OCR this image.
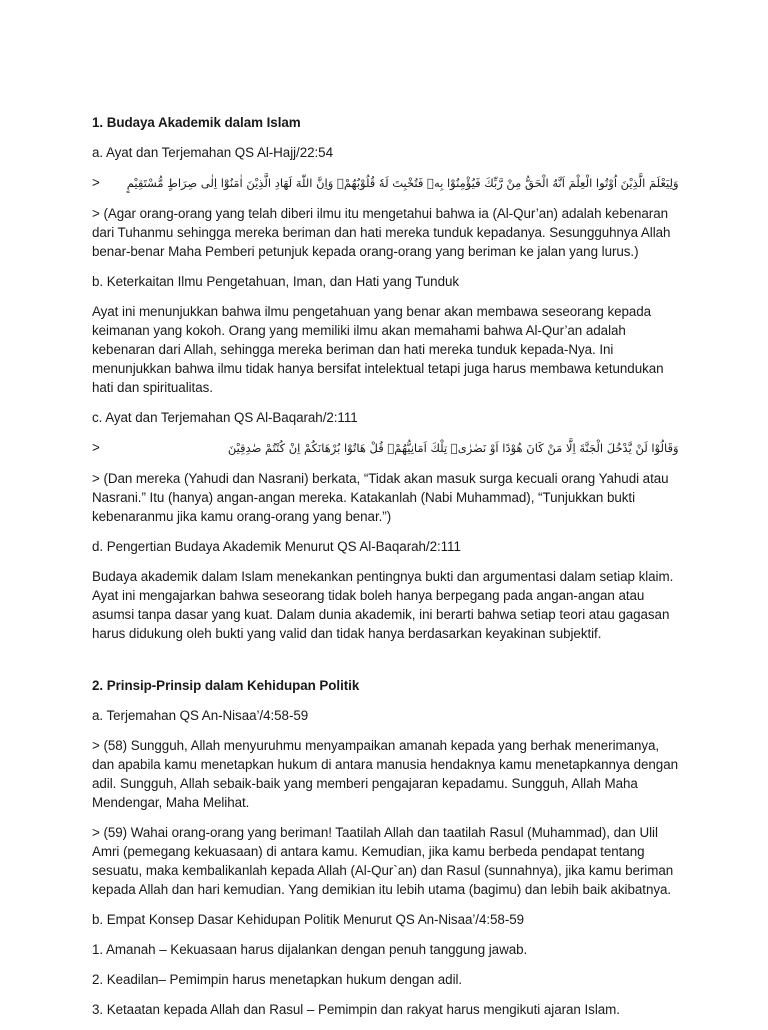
1. Budaya Akademik dalam Islam

a. Ayat dan Terjemahan QS Al-Hajj/22:54

> وَلِيَعْلَمَ الَّذِيْنَ اُوْتُوا الْعِلْمَ اَنَّهُ الْحَقُّ مِنْ رَّبِّكَ فَيُؤْمِنُوْا بِهٖ فَتُخْبِتَ لَهٗ قُلُوْبُهُمْۗ وَاِنَّ اللّٰهَ لَهَادِ الَّذِيْنَ اٰمَنُوْٓا اِلٰى صِرَاطٍ مُّسْتَقِيْمٍ

> (Agar orang-orang yang telah diberi ilmu itu mengetahui bahwa ia (Al-Qur’an) adalah kebenaran dari Tuhanmu sehingga mereka beriman dan hati mereka tunduk kepadanya. Sesungguhnya Allah benar-benar Maha Pemberi petunjuk kepada orang-orang yang beriman ke jalan yang lurus.)

b. Keterkaitan Ilmu Pengetahuan, Iman, dan Hati yang Tunduk

Ayat ini menunjukkan bahwa ilmu pengetahuan yang benar akan membawa seseorang kepada keimanan yang kokoh. Orang yang memiliki ilmu akan memahami bahwa Al-Qur’an adalah kebenaran dari Allah, sehingga mereka beriman dan hati mereka tunduk kepada-Nya. Ini menunjukkan bahwa ilmu tidak hanya bersifat intelektual tetapi juga harus membawa ketundukan hati dan spiritualitas.

c. Ayat dan Terjemahan QS Al-Baqarah/2:111

>	وَقَالُوْا لَنْ يَّدْخُلَ الْجَنَّةَ اِلَّا مَنْ كَانَ هُوْدًا اَوْ نَصٰرٰىۗ تِلْكَ اَمَانِيُّهُمْۗ قُلْ هَاتُوْا بُرْهَانَكُمْ اِنْ كُنْتُمْ صٰدِقِيْنَ

> (Dan mereka (Yahudi dan Nasrani) berkata, “Tidak akan masuk surga kecuali orang Yahudi atau Nasrani.” Itu (hanya) angan-angan mereka. Katakanlah (Nabi Muhammad), “Tunjukkan bukti kebenaranmu jika kamu orang-orang yang benar.”)

d. Pengertian Budaya Akademik Menurut QS Al-Baqarah/2:111

Budaya akademik dalam Islam menekankan pentingnya bukti dan argumentasi dalam setiap klaim. Ayat ini mengajarkan bahwa seseorang tidak boleh hanya berpegang pada angan-angan atau asumsi tanpa dasar yang kuat. Dalam dunia akademik, ini berarti bahwa setiap teori atau gagasan harus didukung oleh bukti yang valid dan tidak hanya berdasarkan keyakinan subjektif.

2. Prinsip-Prinsip dalam Kehidupan Politik

a. Terjemahan QS An-Nisaa’/4:58-59

> (58) Sungguh, Allah menyuruhmu menyampaikan amanah kepada yang berhak menerimanya, dan apabila kamu menetapkan hukum di antara manusia hendaknya kamu menetapkannya dengan adil. Sungguh, Allah sebaik-baik yang memberi pengajaran kepadamu. Sungguh, Allah Maha Mendengar, Maha Melihat.

> (59) Wahai orang-orang yang beriman! Taatilah Allah dan taatilah Rasul (Muhammad), dan Ulil Amri (pemegang kekuasaan) di antara kamu. Kemudian, jika kamu berbeda pendapat tentang sesuatu, maka kembalikanlah kepada Allah (Al-Qur`an) dan Rasul (sunnahnya), jika kamu beriman kepada Allah dan hari kemudian. Yang demikian itu lebih utama (bagimu) dan lebih baik akibatnya.

b. Empat Konsep Dasar Kehidupan Politik Menurut QS An-Nisaa’/4:58-59

1. Amanah – Kekuasaan harus dijalankan dengan penuh tanggung jawab.

2. Keadilan– Pemimpin harus menetapkan hukum dengan adil.

3. Ketaatan kepada Allah dan Rasul – Pemimpin dan rakyat harus mengikuti ajaran Islam.
